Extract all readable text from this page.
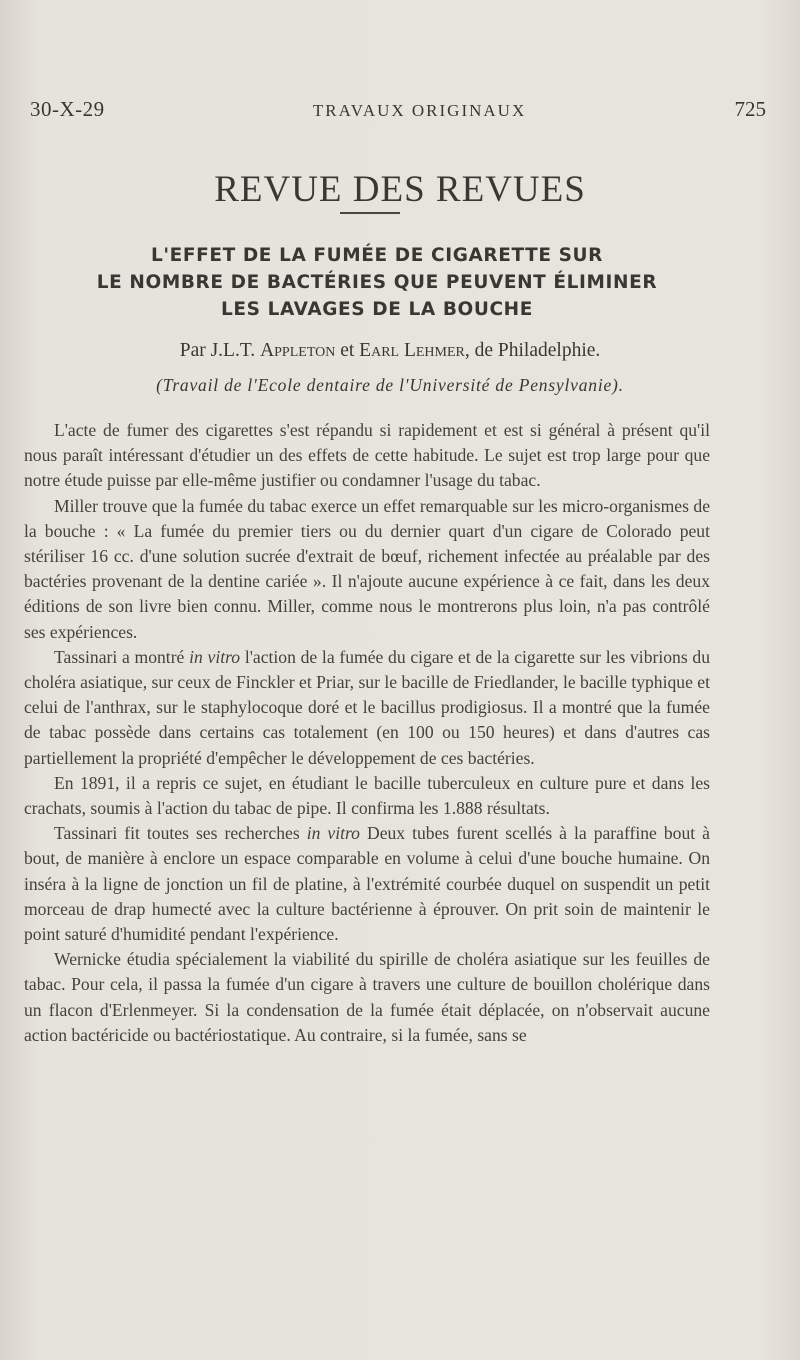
30-X-29	TRAVAUX ORIGINAUX	725
REVUE DES REVUES
L'EFFET DE LA FUMÉE DE CIGARETTE SUR
LE NOMBRE DE BACTÉRIES QUE PEUVENT ÉLIMINER
LES LAVAGES DE LA BOUCHE
Par J.L.T. Appleton et Earl Lehmer, de Philadelphie.
(Travail de l'Ecole dentaire de l'Université de Pensylvanie).

L'acte de fumer des cigarettes s'est répandu si rapidement et est si général à présent qu'il nous paraît intéressant d'étudier un des effets de cette habitude. Le sujet est trop large pour que notre étude puisse par elle-même justifier ou condamner l'usage du tabac.

Miller trouve que la fumée du tabac exerce un effet remarquable sur les micro-organismes de la bouche : « La fumée du premier tiers ou du dernier quart d'un cigare de Colorado peut stériliser 16 cc. d'une solution sucrée d'extrait de bœuf, richement infectée au préalable par des bactéries provenant de la dentine cariée ». Il n'ajoute aucune expérience à ce fait, dans les deux éditions de son livre bien connu. Miller, comme nous le montrerons plus loin, n'a pas contrôlé ses expériences.

Tassinari a montré in vitro l'action de la fumée du cigare et de la cigarette sur les vibrions du choléra asiatique, sur ceux de Finckler et Priar, sur le bacille de Friedlander, le bacille typhique et celui de l'anthrax, sur le staphylocoque doré et le bacillus prodigiosus. Il a montré que la fumée de tabac possède dans certains cas totalement (en 100 ou 150 heures) et dans d'autres cas partiellement la propriété d'empêcher le développement de ces bactéries.

En 1891, il a repris ce sujet, en étudiant le bacille tuberculeux en culture pure et dans les crachats, soumis à l'action du tabac de pipe. Il confirma les 1.888 résultats.

Tassinari fit toutes ses recherches in vitro Deux tubes furent scellés à la paraffine bout à bout, de manière à enclore un espace comparable en volume à celui d'une bouche humaine. On inséra à la ligne de jonction un fil de platine, à l'extrémité courbée duquel on suspendit un petit morceau de drap humecté avec la culture bactérienne à éprouver. On prit soin de maintenir le point saturé d'humidité pendant l'expérience.

Wernicke étudia spécialement la viabilité du spirille de choléra asiatique sur les feuilles de tabac. Pour cela, il passa la fumée d'un cigare à travers une culture de bouillon cholérique dans un flacon d'Erlenmeyer. Si la condensation de la fumée était déplacée, on n'observait aucune action bactéricide ou bactériostatique. Au contraire, si la fumée, sans se
